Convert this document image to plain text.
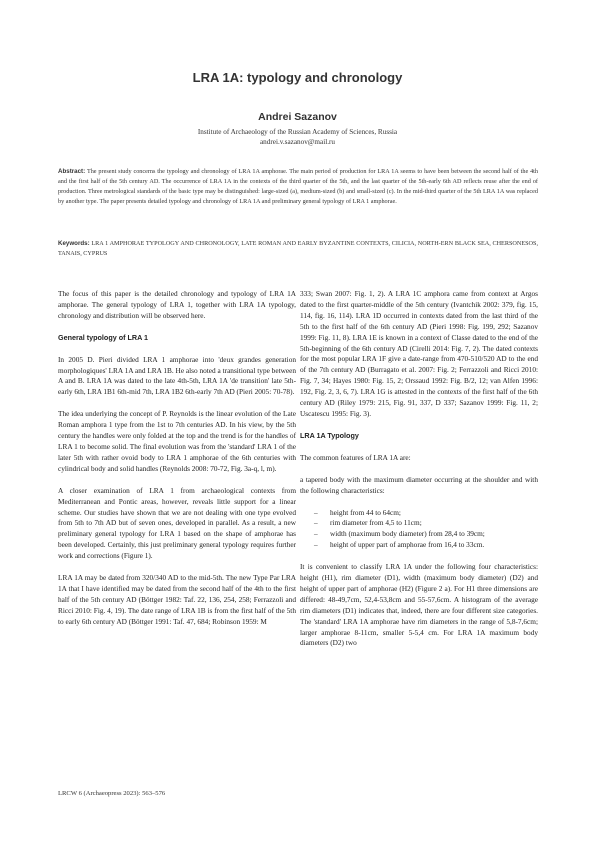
LRA 1A: typology and chronology
Andrei Sazanov
Institute of Archaeology of the Russian Academy of Sciences, Russia
andrei.v.sazanov@mail.ru
Abstract: The present study concerns the typology and chronology of LRA 1A amphorae. The main period of production for LRA 1A seems to have been between the second half of the 4th and the first half of the 5th century AD. The occurrence of LRA 1A in the contexts of the third quarter of the 5th, and the last quarter of the 5th-early 6th AD reflects reuse after the end of production. Three metrological standards of the basic type may be distinguished: large-sized (a), medium-sized (b) and small-sized (c). In the mid-third quarter of the 5th LRA 1A was replaced by another type. The paper presents detailed typology and chronology of LRA 1A and preliminary general typology of LRA 1 amphorae.
Keywords: LRA 1 AMPHORAE TYPOLOGY AND CHRONOLOGY, LATE ROMAN AND EARLY BYZANTINE CONTEXTS, CILICIA, NORTH-ERN BLACK SEA, CHERSONESOS, TANAIS, CYPRUS

The focus of this paper is the detailed chronology and typology of LRA 1A amphorae. The general typology of LRA 1, together with LRA 1A typology, chronology and distribution will be observed here.

General typology of LRA 1

In 2005 D. Pieri divided LRA 1 amphorae into 'deux grandes generation morphologiques' LRA 1A and LRA 1B. He also noted a transitional type between A and B. LRA 1A was dated to the late 4th-5th, LRA 1A 'de transition' late 5th-early 6th, LRA 1B1 6th-mid 7th, LRA 1B2 6th-early 7th AD (Pieri 2005: 70-78).

The idea underlying the concept of P. Reynolds is the linear evolution of the Late Roman amphora 1 type from the 1st to 7th centuries AD. In his view, by the 5th century the handles were only folded at the top and the trend is for the handles of LRA 1 to become solid. The final evolution was from the 'standard' LRA 1 of the later 5th with rather ovoid body to LRA 1 amphorae of the 6th centuries with cylindrical body and solid handles (Reynolds 2008: 70-72, Fig. 3a-q, l, m).

A closer examination of LRA 1 from archaeological contexts from Mediterranean and Pontic areas, however, reveals little support for a linear scheme. Our studies have shown that we are not dealing with one type evolved from 5th to 7th AD but of seven ones, developed in parallel. As a result, a new preliminary general typology for LRA 1 based on the shape of amphorae has been developed. Certainly, this just preliminary general typology requires further work and corrections (Figure 1).

LRA 1A may be dated from 320/340 AD to the mid-5th. The new Type Par LRA 1A that I have identified may be dated from the second half of the 4th to the first half of the 5th century AD (Böttger 1982: Taf. 22, 136, 254, 258; Ferrazzoli and Ricci 2010: Fig. 4, 19). The date range of LRA 1B is from the first half of the 5th to early 6th century AD (Böttger 1991: Taf. 47, 684; Robinson 1959: M

333; Swan 2007: Fig. 1, 2). A LRA 1C amphora came from context at Argos dated to the first quarter-middle of the 5th century (Ivantchik 2002: 379, fig. 15, 114, fig. 16, 114). LRA 1D occurred in contexts dated from the last third of the 5th to the first half of the 6th century AD (Pieri 1998: Fig. 199, 292; Sazanov 1999: Fig. 11, 8). LRA 1E is known in a context of Classe dated to the end of the 5th-beginning of the 6th century AD (Cirelli 2014: Fig. 7, 2). The dated contexts for the most popular LRA 1F give a date-range from 470-510/520 AD to the end of the 7th century AD (Burragato et al. 2007: Fig. 2; Ferrazzoli and Ricci 2010: Fig. 7, 34; Hayes 1980: Fig. 15, 2; Orssaud 1992: Fig. B/2, 12; van Alfen 1996: 192, Fig. 2, 3, 6, 7). LRA 1G is attested in the contexts of the first half of the 6th century AD (Riley 1979: 215, Fig. 91, 337, D 337; Sazanov 1999: Fig. 11, 2; Uscatescu 1995: Fig. 3).

LRA 1A Typology

The common features of LRA 1A are:

a tapered body with the maximum diameter occurring at the shoulder and with the following characteristics:

– height from 44 to 64cm;
– rim diameter from 4,5 to 11cm;
– width (maximum body diameter) from 28,4 to 39cm;
– height of upper part of amphorae from 16,4 to 33cm.

It is convenient to classify LRA 1A under the following four characteristics: height (H1), rim diameter (D1), width (maximum body diameter) (D2) and height of upper part of amphorae (H2) (Figure 2 a). For H1 three dimensions are differed: 48-49,7cm, 52,4-53,8cm and 55-57,6cm. A histogram of the average rim diameters (D1) indicates that, indeed, there are four different size categories. The 'standard' LRA 1A amphorae have rim diameters in the range of 5,8-7,6cm; larger amphorae 8-11cm, smaller 5-5,4 cm. For LRA 1A maximum body diameters (D2) two

LRCW 6 (Archaeopress 2023): 563–576
